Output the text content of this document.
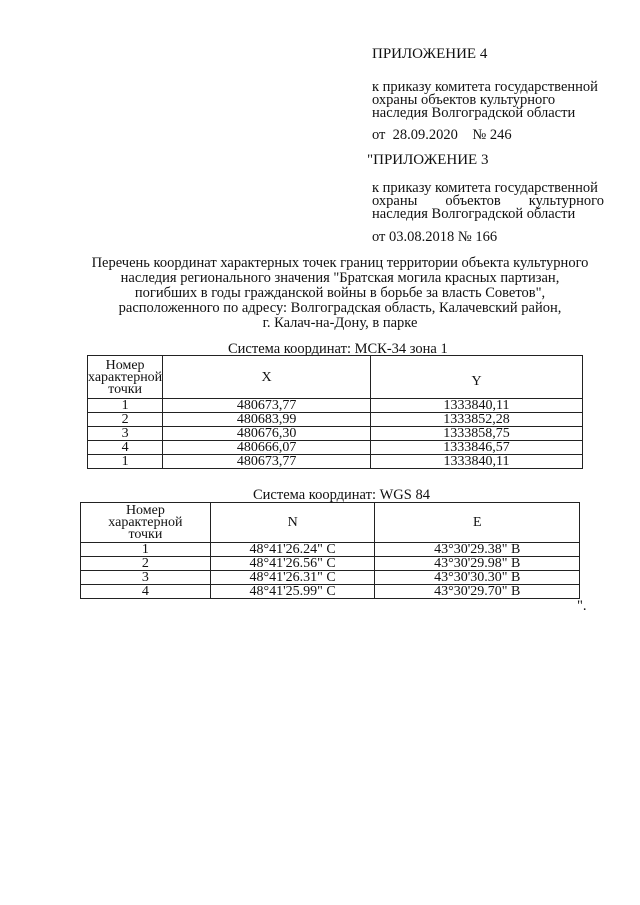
ПРИЛОЖЕНИЕ 4
к приказу комитета государственной
охраны объектов культурного
наследия Волгоградской области
от 28.09.2020 № 246
"ПРИЛОЖЕНИЕ 3
к приказу комитета государственной
охраны объектов культурного
наследия Волгоградской области
от 03.08.2018 № 166
Перечень координат характерных точек границ территории объекта культурного
наследия регионального значения "Братская могила красных партизан,
погибших в годы гражданской войны в борьбе за власть Советов",
расположенного по адресу: Волгоградская область, Калачевский район,
г. Калач-на-Дону, в парке
Система координат: МСК-34 зона 1
Номер
характерной
точки	X	Y
1	480673,77	1333840,11
2	480683,99	1333852,28
3	480676,30	1333858,75
4	480666,07	1333846,57
1	480673,77	1333840,11
Система координат: WGS 84
Номер
характерной
точки	N	E
1	48°41'26.24" С	43°30'29.38" В
2	48°41'26.56" С	43°30'29.98" В
3	48°41'26.31" С	43°30'30.30" В
4	48°41'25.99" С	43°30'29.70" В
".
